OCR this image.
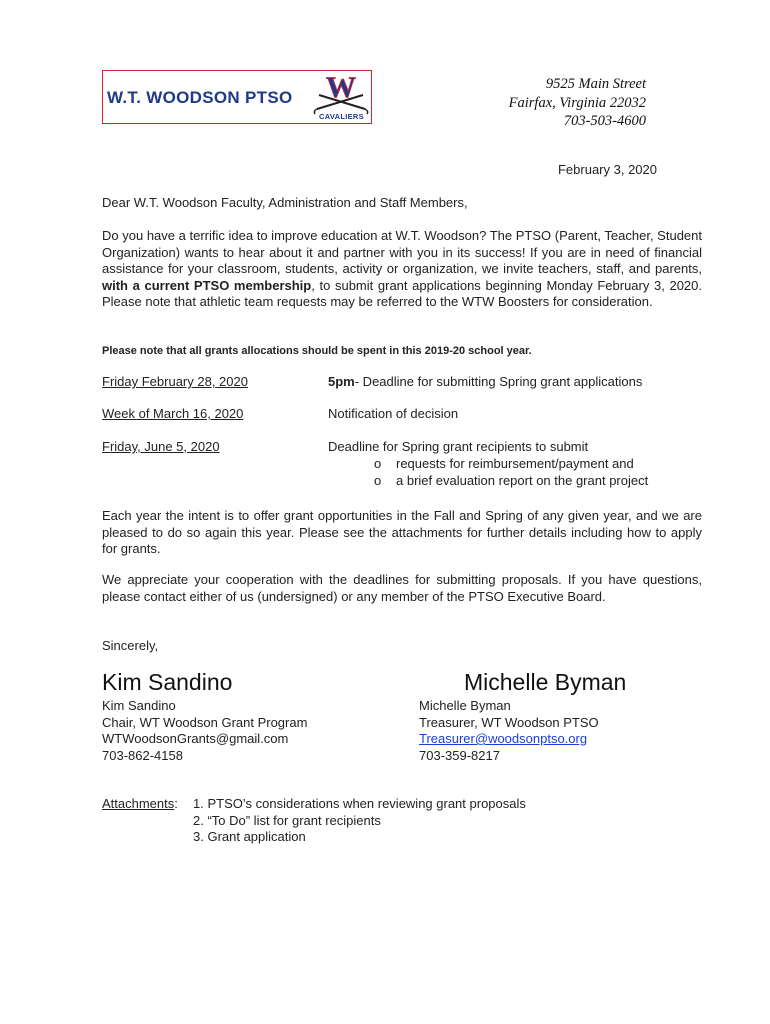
W.T. WOODSON PTSO W
CAVALIERS
9525 Main Street
Fairfax, Virginia 22032
703-503-4600
February 3, 2020
Dear W.T. Woodson Faculty, Administration and Staff Members,
Do you have a terrific idea to improve education at W.T. Woodson? The PTSO (Parent, Teacher, Student Organization) wants to hear about it and partner with you in its success! If you are in need of financial assistance for your classroom, students, activity or organization, we invite teachers, staff, and parents, with a current PTSO membership, to submit grant applications beginning Monday February 3, 2020. Please note that athletic team requests may be referred to the WTW Boosters for consideration.
Please note that all grants allocations should be spent in this 2019-20 school year.
Friday February 28, 2020	5pm- Deadline for submitting Spring grant applications
Week of March 16, 2020	Notification of decision
Friday, June 5, 2020	Deadline for Spring grant recipients to submit
o requests for reimbursement/payment and
o a brief evaluation report on the grant project
Each year the intent is to offer grant opportunities in the Fall and Spring of any given year, and we are pleased to do so again this year. Please see the attachments for further details including how to apply for grants.
We appreciate your cooperation with the deadlines for submitting proposals. If you have questions, please contact either of us (undersigned) or any member of the PTSO Executive Board.
Sincerely,
Kim Sandino
Kim Sandino
Chair, WT Woodson Grant Program
WTWoodsonGrants@gmail.com
703-862-4158
Michelle Byman
Michelle Byman
Treasurer, WT Woodson PTSO
Treasurer@woodsonptso.org
703-359-8217
Attachments: 1. PTSO’s considerations when reviewing grant proposals
2. “To Do” list for grant recipients
3. Grant application
